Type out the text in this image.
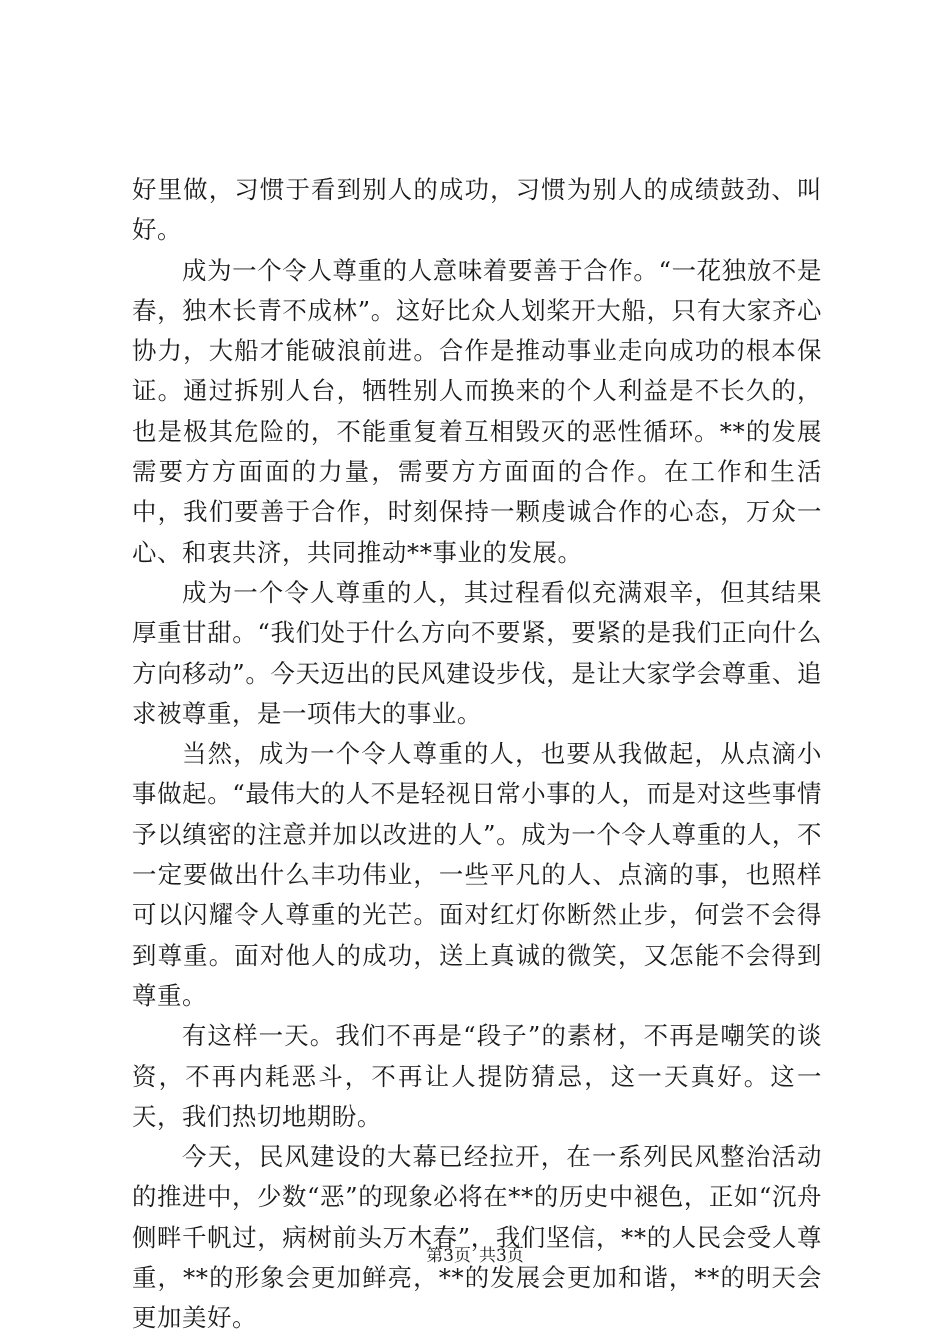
好里做，习惯于看到别人的成功，习惯为别人的成绩鼓劲、叫好。

成为一个令人尊重的人意味着要善于合作。“一花独放不是春，独木长青不成林”。这好比众人划桨开大船，只有大家齐心协力，大船才能破浪前进。合作是推动事业走向成功的根本保证。通过拆别人台，牺牲别人而换来的个人利益是不长久的，也是极其危险的，不能重复着互相毁灭的恶性循环。**的发展需要方方面面的力量，需要方方面面的合作。在工作和生活中，我们要善于合作，时刻保持一颗虔诚合作的心态，万众一心、和衷共济，共同推动**事业的发展。

成为一个令人尊重的人，其过程看似充满艰辛，但其结果厚重甘甜。“我们处于什么方向不要紧，要紧的是我们正向什么方向移动”。今天迈出的民风建设步伐，是让大家学会尊重、追求被尊重，是一项伟大的事业。

当然，成为一个令人尊重的人，也要从我做起，从点滴小事做起。“最伟大的人不是轻视日常小事的人，而是对这些事情予以缜密的注意并加以改进的人”。成为一个令人尊重的人，不一定要做出什么丰功伟业，一些平凡的人、点滴的事，也照样可以闪耀令人尊重的光芒。面对红灯你断然止步，何尝不会得到尊重。面对他人的成功，送上真诚的微笑，又怎能不会得到尊重。

有这样一天。我们不再是“段子”的素材，不再是嘲笑的谈资，不再内耗恶斗，不再让人提防猜忌，这一天真好。这一天，我们热切地期盼。

今天，民风建设的大幕已经拉开，在一系列民风整治活动的推进中，少数“恶”的现象必将在**的历史中褪色，正如“沉舟侧畔千帆过，病树前头万木春”，我们坚信，**的人民会受人尊重，**的形象会更加鲜亮，**的发展会更加和谐，**的明天会更加美好。

第3页 共3页
